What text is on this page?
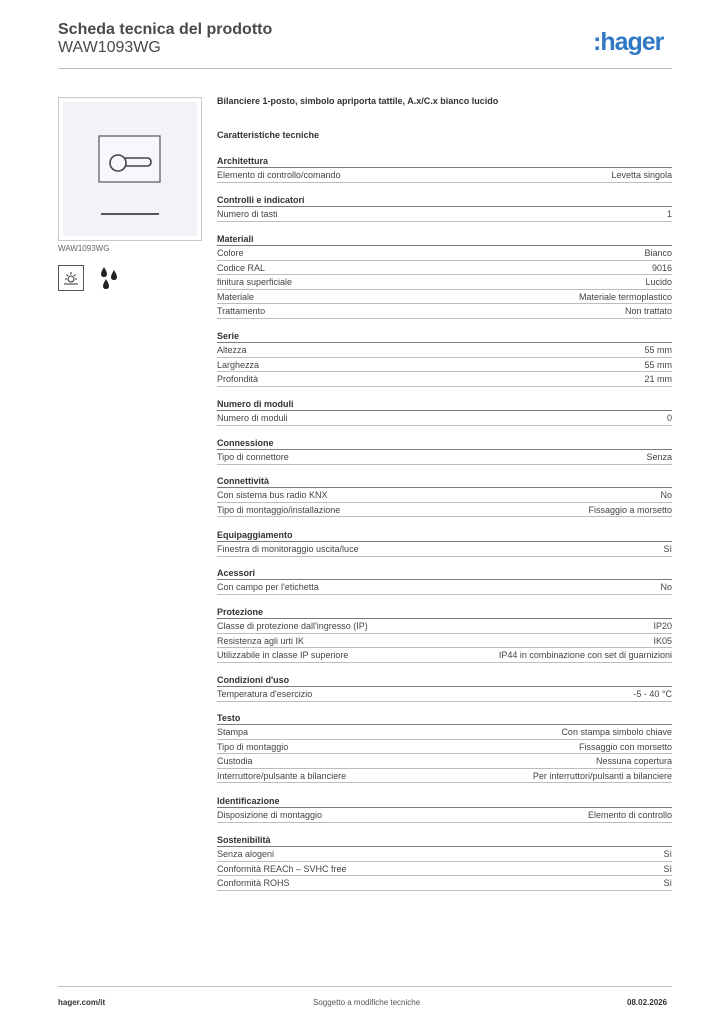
Scheda tecnica del prodotto
WAW1093WG	:hager
WAW1093WG
Bilanciere 1-posto, simbolo apriporta tattile, A.x/C.x bianco lucido
Caratteristiche tecniche
Architettura
Elemento di controllo/comando	Levetta singola
Controlli e indicatori
Numero di tasti	1
Materiali
Colore	Bianco
Codice RAL	9016
finitura superficiale	Lucido
Materiale	Materiale termoplastico
Trattamento	Non trattato
Serie
Altezza	55 mm
Larghezza	55 mm
Profondità	21 mm
Numero di moduli
Numero di moduli	0
Connessione
Tipo di connettore	Senza
Connettività
Con sistema bus radio KNX	No
Tipo di montaggio/installazione	Fissaggio a morsetto
Equipaggiamento
Finestra di monitoraggio uscita/luce	Sì
Acessori
Con campo per l'etichetta	No
Protezione
Classe di protezione dall'ingresso (IP)	IP20
Resistenza agli urti IK	IK05
Utilizzabile in classe IP superiore	IP44 in combinazione con set di guarnizioni
Condizioni d'uso
Temperatura d'esercizio	-5 - 40 °C
Testo
Stampa	Con stampa simbolo chiave
Tipo di montaggio	Fissaggio con morsetto
Custodia	Nessuna copertura
Interruttore/pulsante a bilanciere	Per interruttori/pulsanti a bilanciere
Identificazione
Disposizione di montaggio	Elemento di controllo
Sostenibilità
Senza alogeni	Sì
Conformità REACh – SVHC free	Sì
Conformità ROHS	Sì
hager.com/it	Soggetto a modifiche tecniche	08.02.2026
